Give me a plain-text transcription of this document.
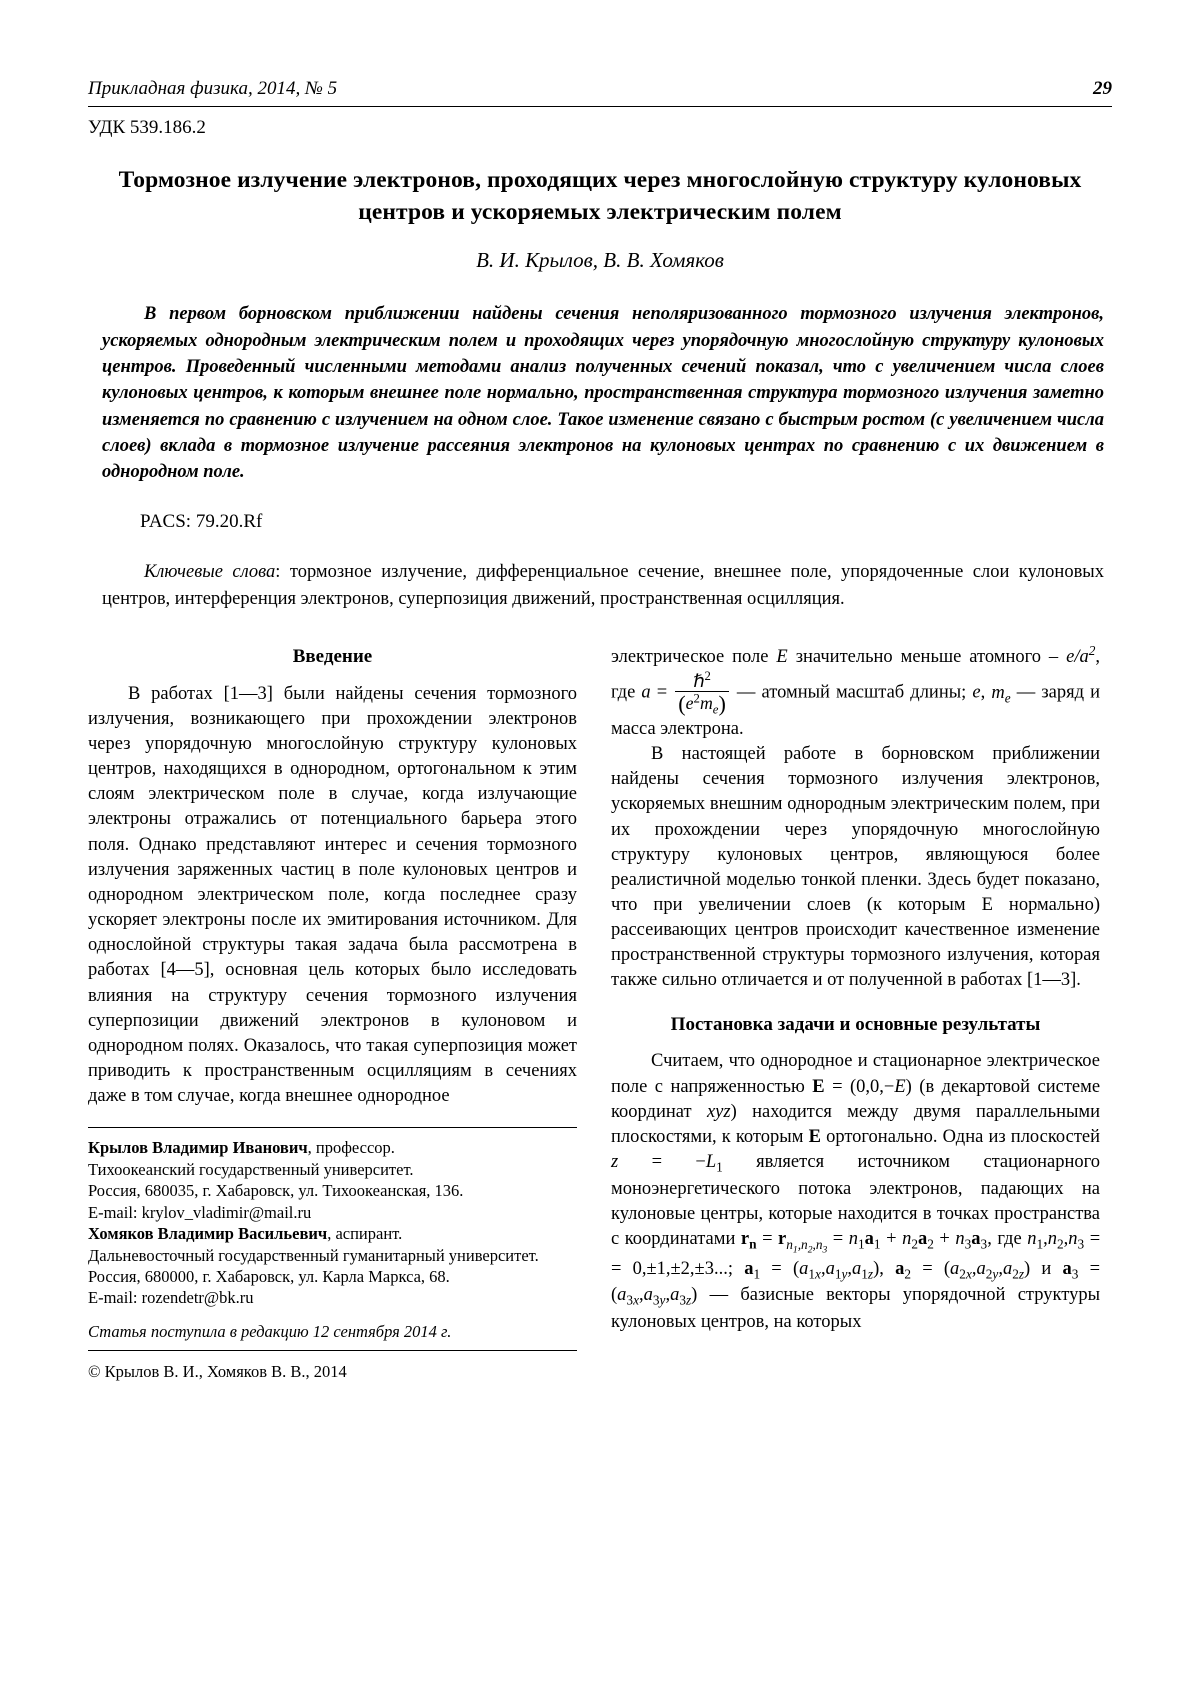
Прикладная физика, 2014, № 5	29
УДК 539.186.2
Тормозное излучение электронов, проходящих через многослойную структуру кулоновых центров и ускоряемых электрическим полем
В. И. Крылов, В. В. Хомяков
В первом борновском приближении найдены сечения неполяризованного тормозного излучения электронов, ускоряемых однородным электрическим полем и проходящих через упорядочную многослойную структуру кулоновых центров. Проведенный численными методами анализ полученных сечений показал, что с увеличением числа слоев кулоновых центров, к которым внешнее поле нормально, пространственная структура тормозного излучения заметно изменяется по сравнению с излучением на одном слое. Такое изменение связано с быстрым ростом (с увеличением числа слоев) вклада в тормозное излучение рассеяния электронов на кулоновых центрах по сравнению с их движением в однородном поле.
PACS: 79.20.Rf
Ключевые слова: тормозное излучение, дифференциальное сечение, внешнее поле, упорядоченные слои кулоновых центров, интерференция электронов, суперпозиция движений, пространственная осцилляция.
Введение

В работах [1—3] были найдены сечения тормозного излучения, возникающего при прохождении электронов через упорядочную многослойную структуру кулоновых центров, находящихся в однородном, ортогональном к этим слоям электрическом поле в случае, когда излучающие электроны отражались от потенциального барьера этого поля. Однако представляют интерес и сечения тормозного излучения заряженных частиц в поле кулоновых центров и однородном электрическом поле, когда последнее сразу ускоряет электроны после их эмитирования источником. Для однослойной структуры такая задача была рассмотрена в работах [4—5], основная цель которых было исследовать влияния на структуру сечения тормозного излучения суперпозиции движений электронов в кулоновом и однородном полях. Оказалось, что такая суперпозиция может приводить к пространственным осцилляциям в сечениях даже в том случае, когда внешнее однородное

Крылов Владимир Иванович, профессор.

Тихоокеанский государственный университет.

Россия, 680035, г. Хабаровск, ул. Тихоокеанская, 136.

E-mail: krylov_vladimir@mail.ru

Хомяков Владимир Васильевич, аспирант.

Дальневосточный государственный гуманитарный университет.

Россия, 680000, г. Хабаровск, ул. Карла Маркса, 68.

E-mail: rozendetr@bk.ru

Статья поступила в редакцию 12 сентября 2014 г.

© Крылов В. И., Хомяков В. В., 2014

электрическое поле E значительно меньше атомного – $e/a^2$, где $a = \frac{\hbar^2}{(e^2m_e)}$ — атомный масштаб длины; e, $m_e$ — заряд и масса электрона.

В настоящей работе в борновском приближении найдены сечения тормозного излучения электронов, ускоряемых внешним однородным электрическим полем, при их прохождении через упорядочную многослойную структуру кулоновых центров, являющуюся более реалистичной моделью тонкой пленки. Здесь будет показано, что при увеличении слоев (к которым E нормально) рассеивающих центров происходит качественное изменение пространственной структуры тормозного излучения, которая также сильно отличается и от полученной в работах [1—3].

Постановка задачи и основные результаты

Считаем, что однородное и стационарное электрическое поле с напряженностью E = (0,0,−E) (в декартовой системе координат xyz) находится между двумя параллельными плоскостями, к которым E ортогонально. Одна из плоскостей $z = -L_1$ является источником стационарного моноэнергетического потока электронов, падающих на кулоновые центры, которые находится в точках пространства с координатами $r_n = r_{n_1,n_2,n_3} = n_1a_1 + n_2a_2 + n_3a_3$, где $n_1,n_2,n_3$ = = 0,±1,±2,±3...; $a_1 = (a_{1x},a_{1y},a_{1z})$, $a_2 = (a_{2x},a_{2y},a_{2z})$ и $a_3 = (a_{3x},a_{3y},a_{3z})$ — базисные векторы упорядочной структуры кулоновых центров, на которых
